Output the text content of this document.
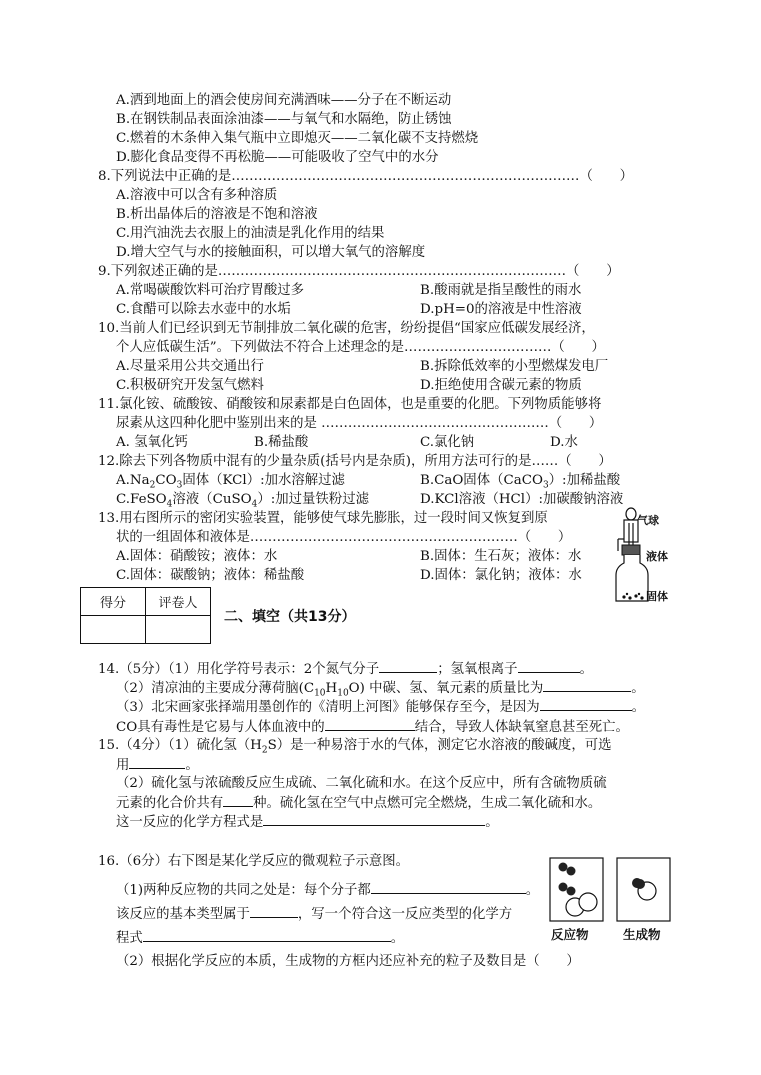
A.洒到地面上的酒会使房间充满酒味——分子在不断运动
B.在钢铁制品表面涂油漆——与氧气和水隔绝，防止锈蚀
C.燃着的木条伸入集气瓶中立即熄灭——二氧化碳不支持燃烧
D.膨化食品变得不再松脆——可能吸收了空气中的水分
8.下列说法中正确的是……………………………………………………………………（　　）
A.溶液中可以含有多种溶质
B.析出晶体后的溶液是不饱和溶液
C.用汽油洗去衣服上的油渍是乳化作用的结果
D.增大空气与水的接触面积，可以增大氧气的溶解度
9.下列叙述正确的是……………………………………………………………………（　　）
A.常喝碳酸饮料可治疗胃酸过多	B.酸雨就是指呈酸性的雨水
C.食醋可以除去水壶中的水垢	D.pH=0的溶液是中性溶液
10.当前人们已经识到无节制排放二氧化碳的危害，纷纷提倡“国家应低碳发展经济，
个人应低碳生活”。下列做法不符合上述理念的是……………………………（　　）
A.尽量采用公共交通出行	B.拆除低效率的小型燃煤发电厂
C.积极研究开发氢气燃料	D.拒绝使用含碳元素的物质
11.氯化铵、硫酸铵、硝酸铵和尿素都是白色固体，也是重要的化肥。下列物质能够将
尿素从这四种化肥中鉴别出来的是 ……………………………………………（　　）
A. 氢氧化钙	B.稀盐酸	C.氯化钠	D.水
12.除去下列各物质中混有的少量杂质(括号内是杂质)，所用方法可行的是……（　　）
$A.Na_2CO_3$固体（KCl）:加水溶解过滤	B.CaO固体（CaCO$_3$）:加稀盐酸
C.FeSO$_4$溶液（CuSO$_4$）:加过量铁粉过滤	D.KCl溶液（HCl）:加碳酸钠溶液
13.用右图所示的密闭实验装置，能够使气球先膨胀，过一段时间又恢复到原
状的一组固体和液体是……………………………………………………（　　）
A.固体：硝酸铵；液体：水	B.固体：生石灰；液体：水
C.固体：碳酸钠；液体：稀盐酸	D.固体：氯化钠；液体：水
气球
液体
固体
得分	评卷人

二、填空（共13分）
14.（5分）（1）用化学符号表示：2个氮气分子	；氢氧根离子	。
（2）清凉油的主要成分薄荷脑$(C_{10}H_{10}O)$ 中碳、氢、氧元素的质量比为	。
（3）北宋画家张择端用墨创作的《清明上河图》能够保存至今，是因为	。
CO具有毒性是它易与人体血液中的	结合，导致人体缺氧窒息甚至死亡。
15.（4分）（1）硫化氢$(H_2S)$是一种易溶于水的气体，测定它水溶液的酸碱度，可选
用	。
（2）硫化氢与浓硫酸反应生成硫、二氧化硫和水。在这个反应中，所有含硫物质硫
元素的化合价共有 种。硫化氢在空气中点燃可完全燃烧，生成二氧化硫和水。
这一反应的化学方程式是	。
16.（6分）右下图是某化学反应的微观粒子示意图。
（1)两种反应物的共同之处是：每个分子都	。
该反应的基本类型属于	，写一个符合这一反应类型的化学方
程式	。
（2）根据化学反应的本质，生成物的方框内还应补充的粒子及数目是（　　）
反应物	生成物
